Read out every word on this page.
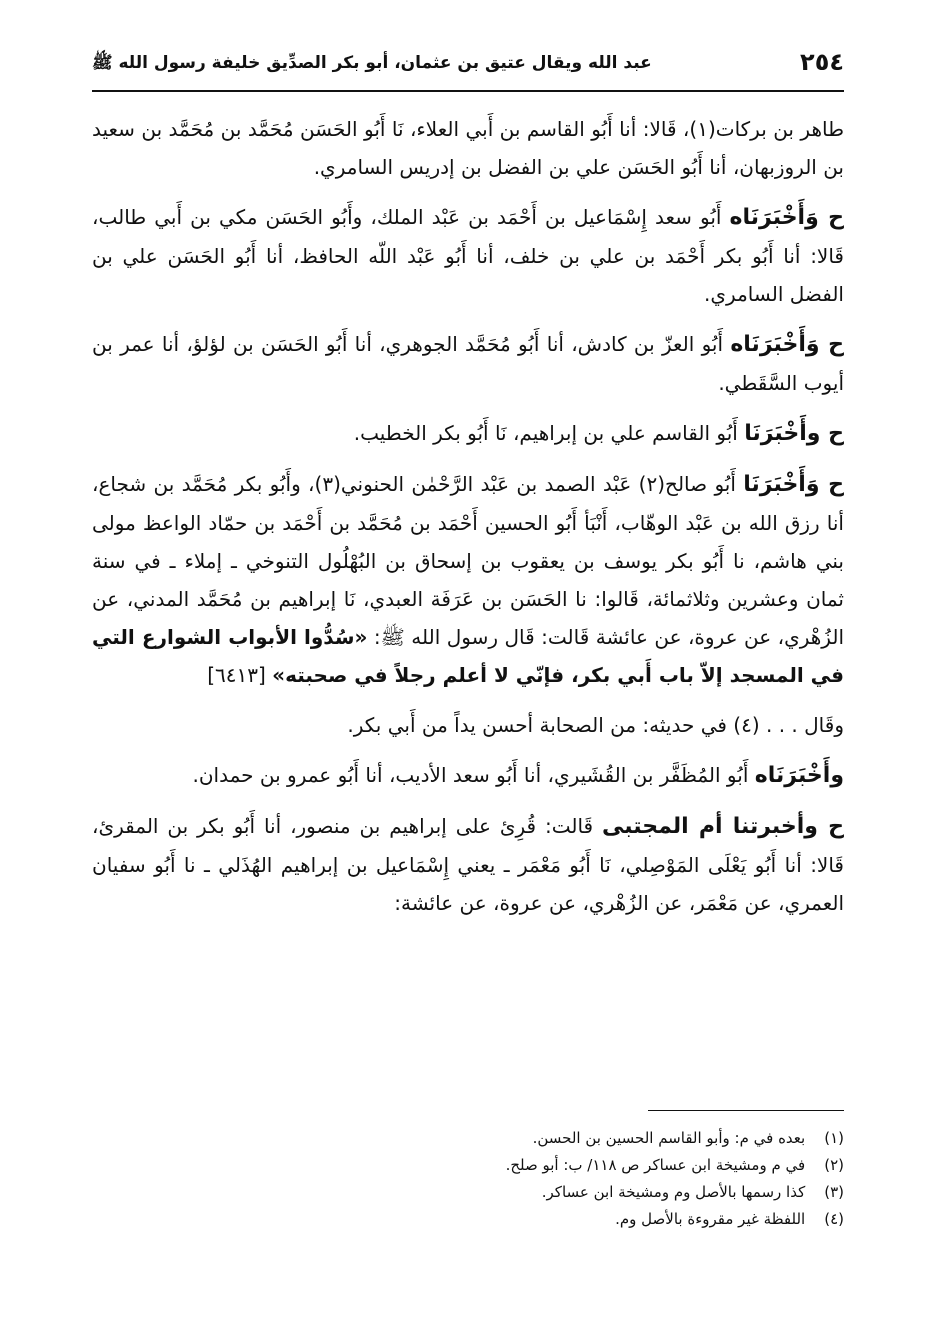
٢٥٤
عبد الله ويقال عتيق بن عثمان، أبو بكر الصدِّيق خليفة رسول الله ﷺ

طاهر بن بركات(١)، قَالا: أنا أَبُو القاسم بن أَبي العلاء، نَا أَبُو الحَسَن مُحَمَّد بن مُحَمَّد بن سعيد بن الروزبهان، أنا أَبُو الحَسَن علي بن الفضل بن إدريس السامري.

ح وَأَخْبَرَنَاه أَبُو سعد إِسْمَاعيل بن أَحْمَد بن عَبْد الملك، وأَبُو الحَسَن مكي بن أَبي طالب، قَالا: أنا أَبُو بكر أَحْمَد بن علي بن خلف، أنا أَبُو عَبْد اللّه الحافظ، أنا أَبُو الحَسَن علي بن الفضل السامري.

ح وَأَخْبَرَنَاه أَبُو العزّ بن كادش، أنا أَبُو مُحَمَّد الجوهري، أنا أَبُو الحَسَن بن لؤلؤ، أنا عمر بن أيوب السَّقَطي.

ح وأَخْبَرَنَا أَبُو القاسم علي بن إبراهيم، نَا أَبُو بكر الخطيب.

ح وَأَخْبَرَنَا أَبُو صالح(٢) عَبْد الصمد بن عَبْد الرَّحْمٰن الحنوني(٣)، وأَبُو بكر مُحَمَّد بن شجاع، أنا رزق الله بن عَبْد الوهّاب، أَنْبَأ أَبُو الحسين أَحْمَد بن مُحَمَّد بن أَحْمَد بن حمّاد الواعظ مولى بني هاشم، نا أَبُو بكر يوسف بن يعقوب بن إسحاق بن البُهْلُول التنوخي ـ إملاء ـ في سنة ثمان وعشرين وثلاثمائة، قَالوا: نا الحَسَن بن عَرَفَة العبدي، نَا إبراهيم بن مُحَمَّد المدني، عن الزُهْري، عن عروة، عن عائشة قَالت: قَال رسول الله ﷺ: «سُدُّوا الأبواب الشوارع التي في المسجد إلاّ باب أَبي بكر، فإنّي لا أعلم رجلاً في صحبته» [٦٤١٣]

وقَال . . . (٤) في حديثه: من الصحابة أحسن يداً من أَبي بكر.

وأَخْبَرَنَاه أَبُو المُظَفَّر بن القُشَيري، أنا أَبُو سعد الأديب، أنا أَبُو عمرو بن حمدان.

ح وأخبرتنا أم المجتبى قَالت: قُرِئ على إبراهيم بن منصور، أنا أَبُو بكر بن المقرئ، قَالا: أنا أَبُو يَعْلَى المَوْصِلي، نَا أَبُو مَعْمَر ـ يعني إِسْمَاعيل بن إبراهيم الهُذَلي ـ نا أَبُو سفيان العمري، عن مَعْمَر، عن الزُهْري، عن عروة، عن عائشة:

(١) بعده في م: وأبو القاسم الحسين بن الحسن.
(٢) في م ومشيخة ابن عساكر ص ١١٨/ ب: أبو صلح.
(٣) كذا رسمها بالأصل وم ومشيخة ابن عساكر.
(٤) اللفظة غير مقروءة بالأصل وم.
